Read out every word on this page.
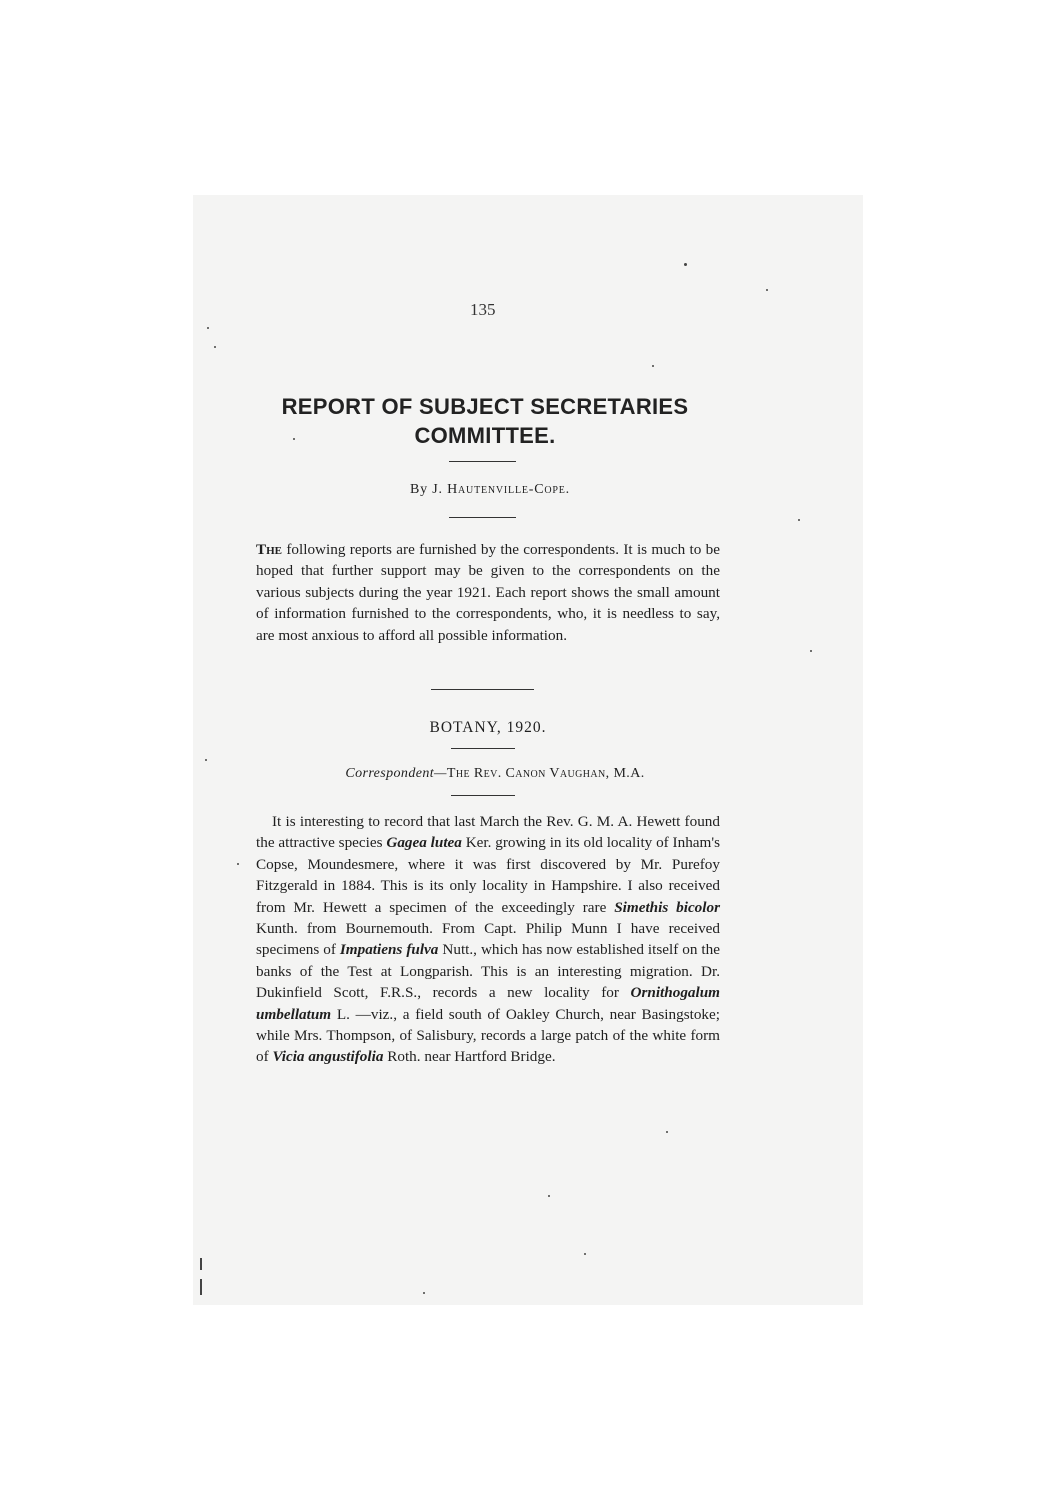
135
REPORT OF SUBJECT SECRETARIES
COMMITTEE.
By J. Hautenville-Cope.

The following reports are furnished by the correspondents. It is much to be hoped that further support may be given to the correspondents on the various subjects during the year 1921. Each report shows the small amount of information furnished to the correspondents, who, it is needless to say, are most anxious to afford all possible information.

BOTANY, 1920.
Correspondent—The Rev. Canon Vaughan, M.A.

It is interesting to record that last March the Rev. G. M. A. Hewett found the attractive species Gagea lutea Ker. growing in its old locality of Inham's Copse, Moundesmere, where it was first discovered by Mr. Purefoy Fitzgerald in 1884. This is its only locality in Hampshire. I also received from Mr. Hewett a specimen of the exceedingly rare Simethis bicolor Kunth. from Bournemouth. From Capt. Philip Munn I have received specimens of Impatiens fulva Nutt., which has now established itself on the banks of the Test at Longparish. This is an interesting migration. Dr. Dukinfield Scott, F.R.S., records a new locality for Ornithogalum umbellatum L. —viz., a field south of Oakley Church, near Basingstoke; while Mrs. Thompson, of Salisbury, records a large patch of the white form of Vicia angustifolia Roth. near Hartford Bridge.
